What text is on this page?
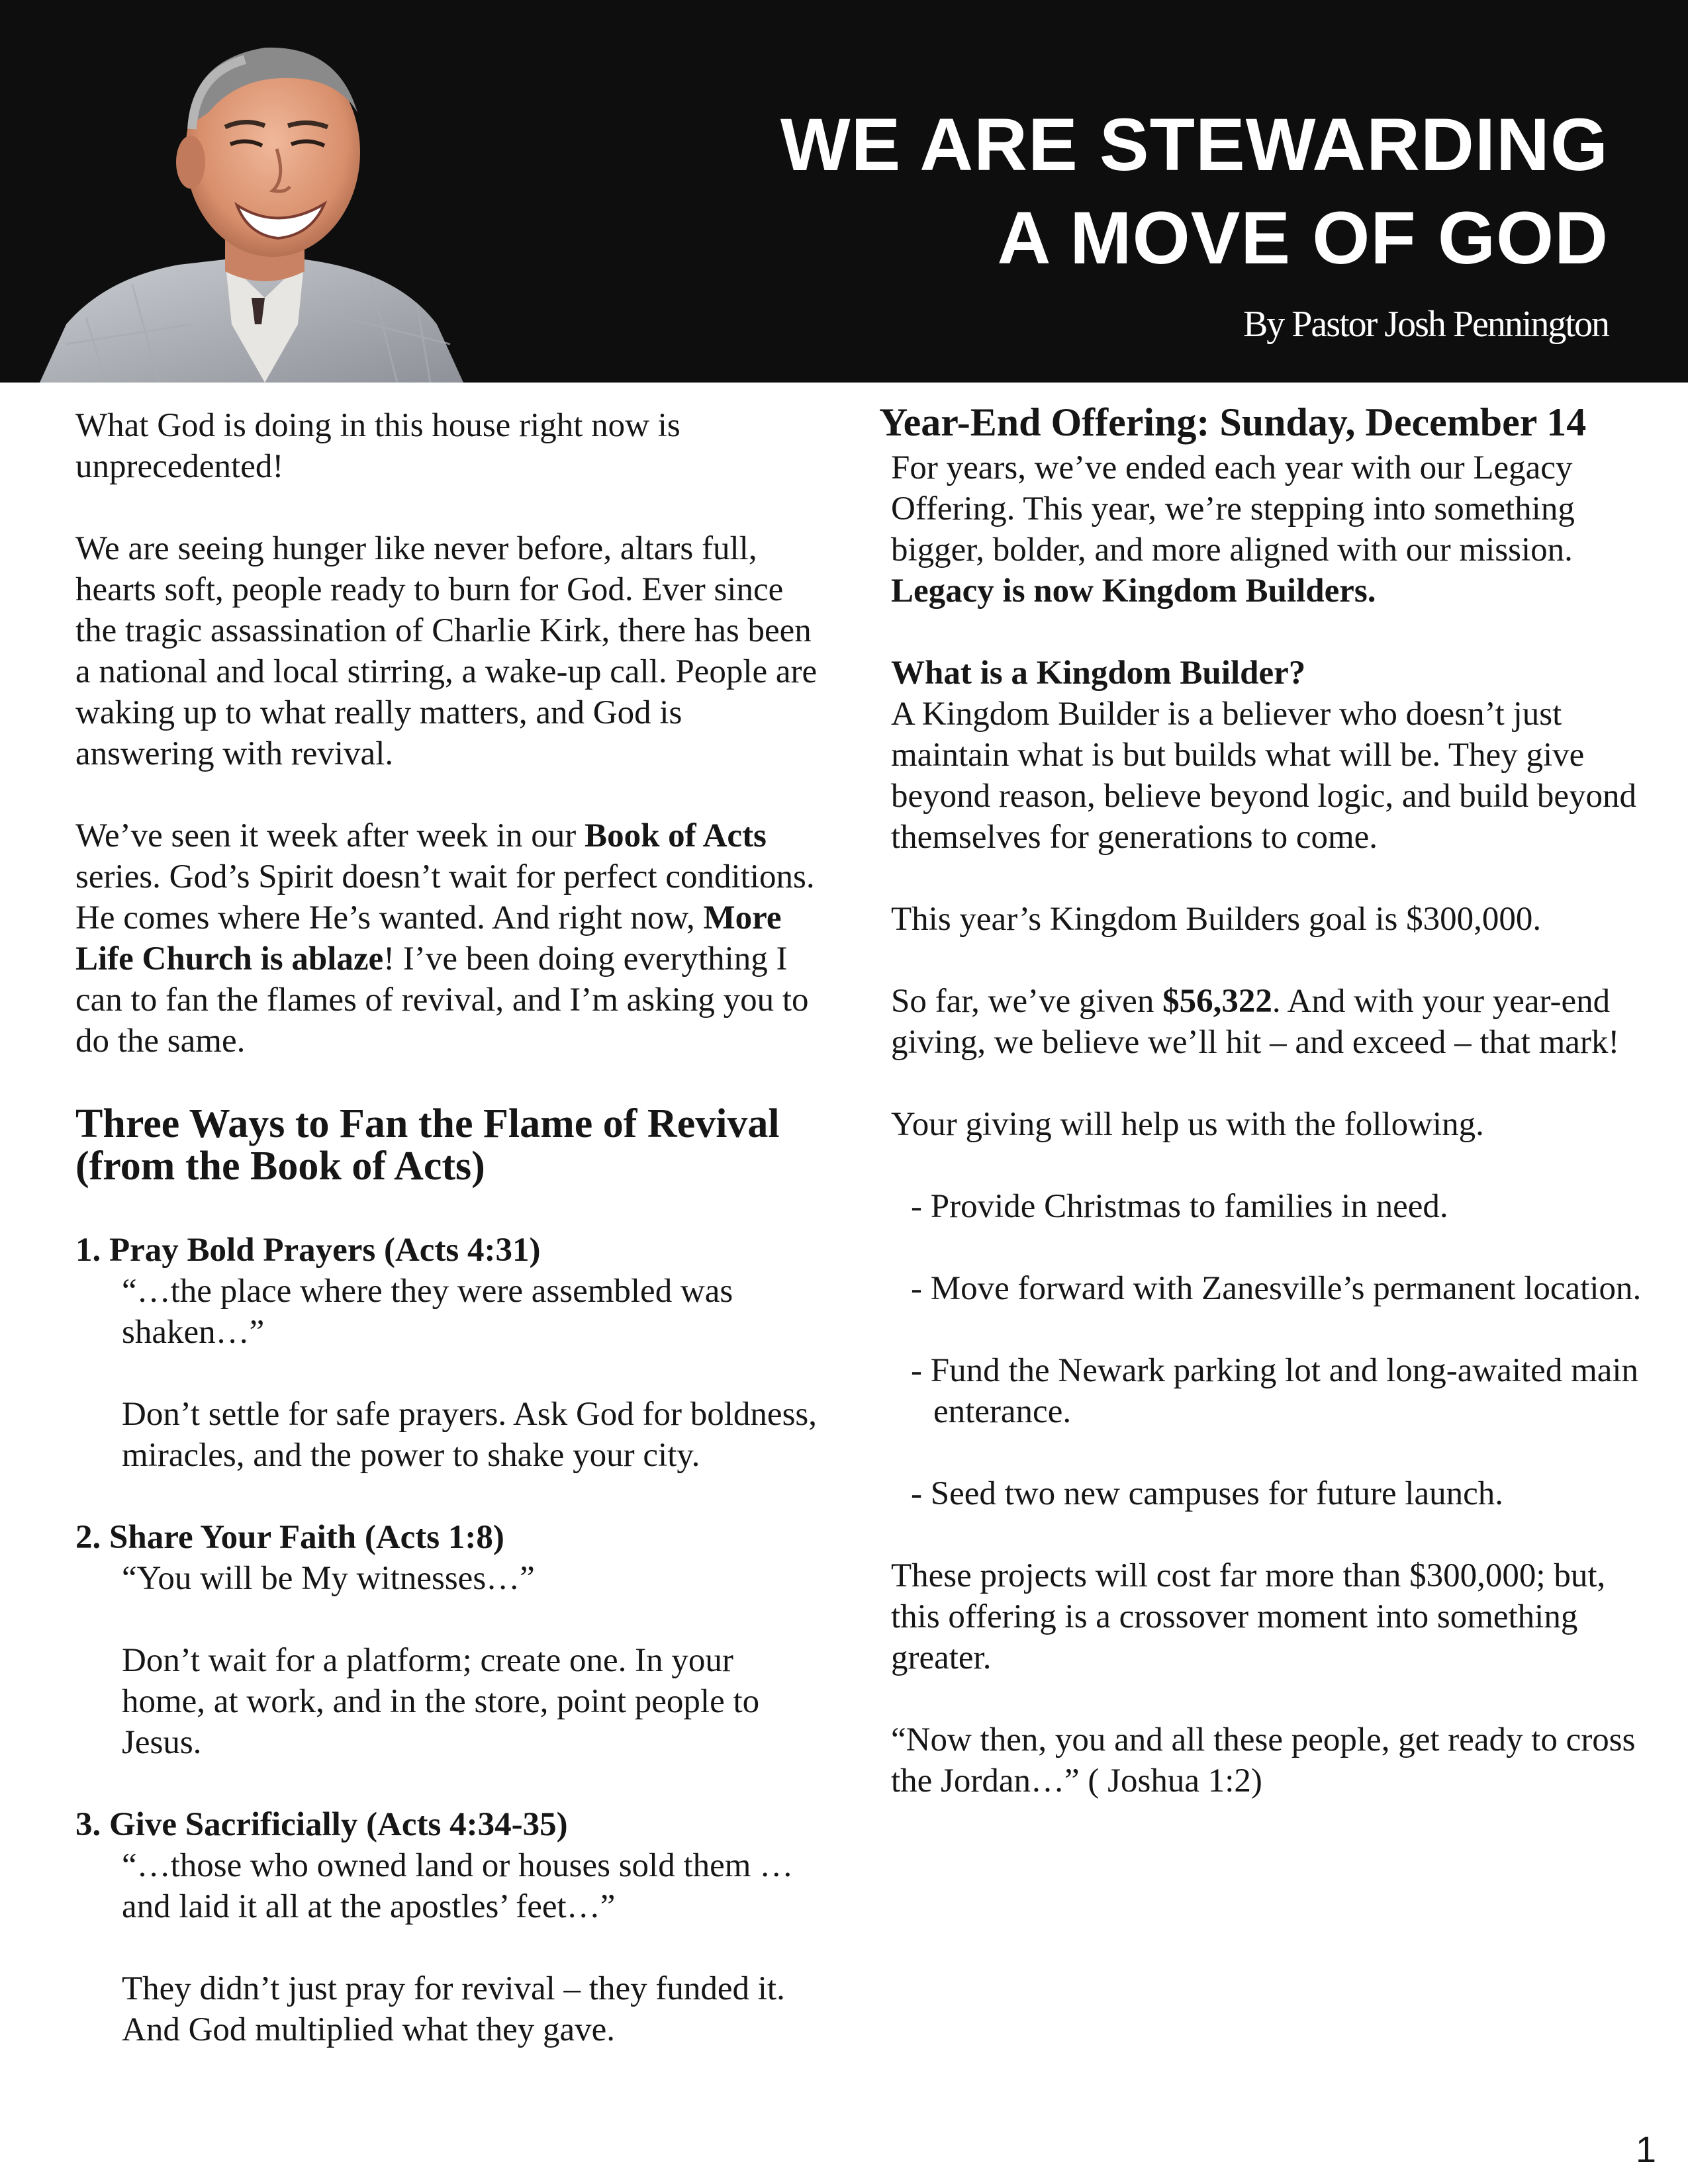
WE ARE STEWARDING
A MOVE OF GOD

By Pastor Josh Pennington

What God is doing in this house right now is unprecedented!

We are seeing hunger like never before, altars full, hearts soft, people ready to burn for God. Ever since the tragic assassination of Charlie Kirk, there has been a national and local stirring, a wake-up call. People are waking up to what really matters, and God is answering with revival.

We’ve seen it week after week in our Book of Acts series. God’s Spirit doesn’t wait for perfect conditions. He comes where He’s wanted. And right now, More Life Church is ablaze! I’ve been doing everything I can to fan the flames of revival, and I’m asking you to do the same.

Three Ways to Fan the Flame of Revival
(from the Book of Acts)
1. Pray Bold Prayers (Acts 4:31)
“…the place where they were assembled was shaken…”
Don’t settle for safe prayers. Ask God for boldness, miracles, and the power to shake your city.
2. Share Your Faith (Acts 1:8)
“You will be My witnesses…”
Don’t wait for a platform; create one. In your home, at work, and in the store, point people to Jesus.
3. Give Sacrificially (Acts 4:34-35)
“…those who owned land or houses sold them …and laid it all at the apostles’ feet…”
They didn’t just pray for revival – they funded it. And God multiplied what they gave.
Year-End Offering: Sunday, December 14

For years, we’ve ended each year with our Legacy Offering. This year, we’re stepping into something bigger, bolder, and more aligned with our mission. Legacy is now Kingdom Builders.

What is a Kingdom Builder?
A Kingdom Builder is a believer who doesn’t just maintain what is but builds what will be. They give beyond reason, believe beyond logic, and build beyond themselves for generations to come.

This year’s Kingdom Builders goal is $300,000.

So far, we’ve given $56,322. And with your year-end giving, we believe we’ll hit – and exceed – that mark!

Your giving will help us with the following.

- Provide Christmas to families in need.
- Move forward with Zanesville’s permanent location.
- Fund the Newark parking lot and long-awaited main enterance.
- Seed two new campuses for future launch.

These projects will cost far more than $300,000; but, this offering is a crossover moment into something greater.

“Now then, you and all these people, get ready to cross the Jordan…” ( Joshua 1:2)

1
